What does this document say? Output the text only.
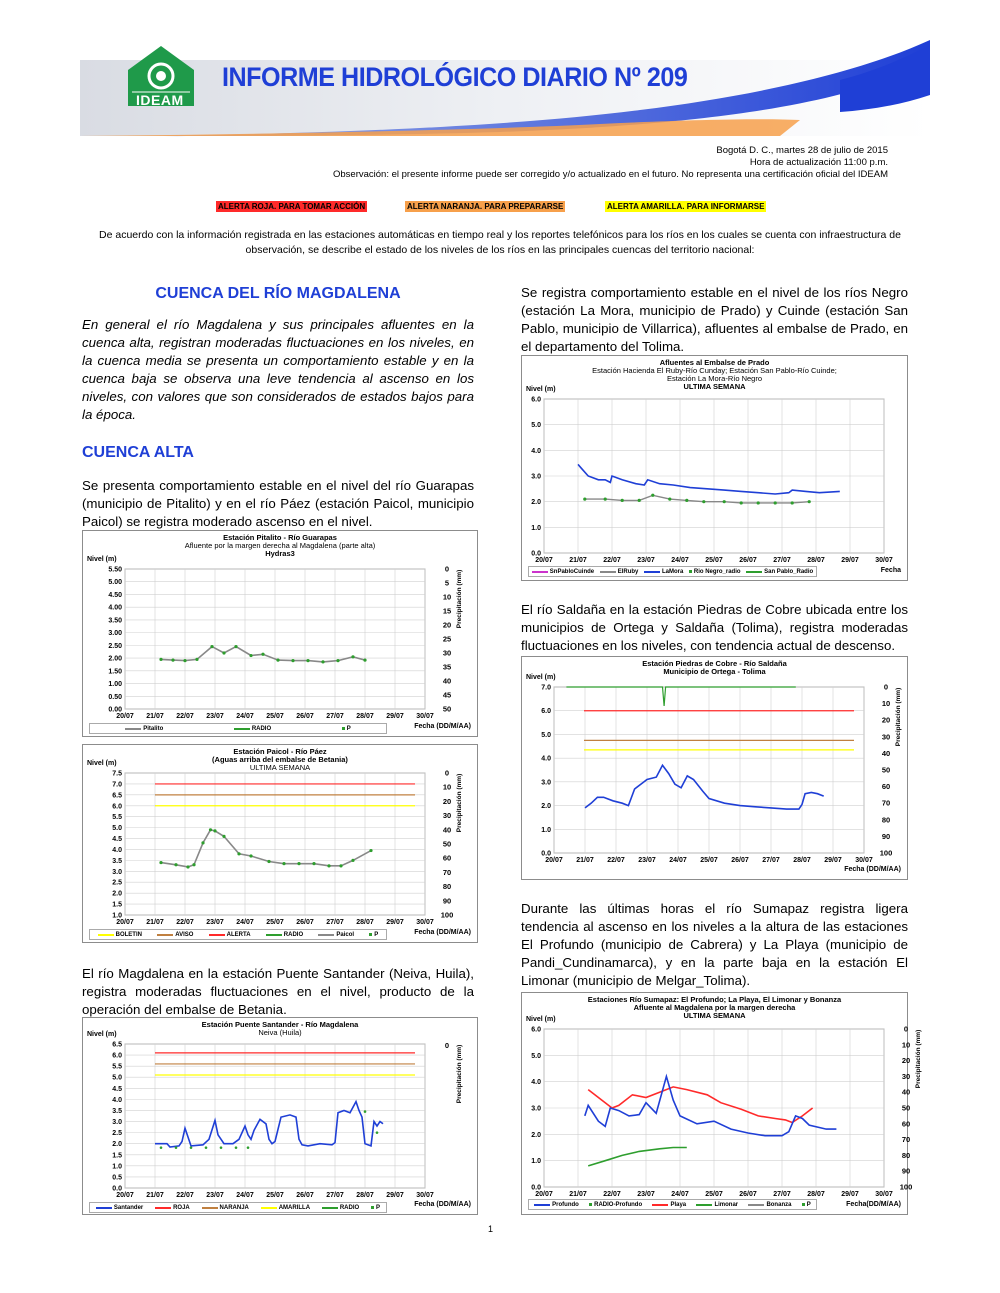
IDEAM
INFORME HIDROLÓGICO DIARIO Nº 209
Bogotá D. C., martes 28 de julio de 2015
Hora de actualización 11:00 p.m.
Observación: el presente informe puede ser corregido y/o actualizado en el futuro. No representa una certificación oficial del IDEAM
ALERTA ROJA. PARA TOMAR ACCIÓN	ALERTA NARANJA. PARA PREPARARSE	ALERTA AMARILLA. PARA INFORMARSE
De acuerdo con la información registrada en las estaciones automáticas en tiempo real y los reportes telefónicos para los ríos en los cuales se cuenta con infraestructura de observación, se describe el estado de los niveles de los ríos en las principales cuencas del territorio nacional:
CUENCA DEL RÍO MAGDALENA
En general el río Magdalena y sus principales afluentes en la cuenca alta, registran moderadas fluctuaciones en los niveles, en la cuenca media se presenta un comportamiento estable y en la cuenca baja se observa una leve tendencia al ascenso en los niveles, con valores que son considerados de estados bajos para la época.
CUENCA ALTA
Se presenta comportamiento estable en el nivel del río Guarapas (municipio de Pitalito) y en el río Páez (estación Paicol, municipio Paicol) se registra moderado ascenso en el nivel.
Estación Pitalito - Río Guarapas
Afluente por la margen derecha al Magdalena (parte alta)
Hydras3
0.00
0.50
1.00
1.50
2.00
2.50
3.00
3.50
4.00
4.50
5.00
5.50
20/07 21/07 22/07 23/07 24/07 25/07 26/07 27/07 28/07 29/07 30/07
0
5
10
15
20
25
30
35
40
45
50
Nivel (m)
Precipitación (mm)
Fecha (DD/M/AA)
Pitalito	RADIO	P
Estación Paicol - Río Páez
(Aguas arriba del embalse de Betania)
ULTIMA SEMANA
1.0
1.5
2.0
2.5
3.0
3.5
4.0
4.5
5.0
5.5
6.0
6.5
7.0
7.5
20/07 21/07 22/07 23/07 24/07 25/07 26/07 27/07 28/07 29/07 30/07
0
10
20
30
40
50
60
70
80
90
100
Nivel (m)
Precipitación (mm)
Fecha (DD/M/AA)
BOLETIN	AVISO	ALERTA	RADIO	Paicol	P
El río Magdalena en la estación Puente Santander (Neiva, Huila), registra moderadas fluctuaciones en el nivel, producto de la operación del embalse de Betania.
Estación Puente Santander - Río Magdalena
Neiva (Huila)
0.0
0.5
1.0
1.5
2.0
2.5
3.0
3.5
4.0
4.5
5.0
5.5
6.0
6.5
20/07 21/07 22/07 23/07 24/07 25/07 26/07 27/07 28/07 29/07 30/07
0
Nivel (m)
Precipitación (mm)
Fecha (DD/M/AA)
Santander	ROJA	NARANJA	AMARILLA	RADIO	P
Se registra comportamiento estable en el nivel de los ríos Negro (estación La Mora, municipio de Prado) y Cuinde (estación San Pablo, municipio de Villarrica), afluentes al embalse de Prado, en el departamento del Tolima.
Afluentes al Embalse de Prado
Estación Hacienda El Ruby-Río Cunday; Estación San Pablo-Río Cuinde;
Estación La Mora-Río Negro
ULTIMA SEMANA
0.0
1.0
2.0
3.0
4.0
5.0
6.0
20/07 21/07 22/07 23/07 24/07 25/07 26/07 27/07 28/07 29/07 30/07
Nivel (m)
Fecha
SnPabloCuinde	ElRuby	LaMora Rio Negro_radio	San Pablo_Radio
El río Saldaña en la estación Piedras de Cobre ubicada entre los municipios de Ortega y Saldaña (Tolima), registra moderadas fluctuaciones en los niveles, con tendencia actual de descenso.
Estación Piedras de Cobre - Río Saldaña
Municipio de Ortega - Tolima
0.0
1.0
2.0
3.0
4.0
5.0
6.0
7.0
20/07 21/07 22/07 23/07 24/07 25/07 26/07 27/07 28/07 29/07 30/07
0
10
20
30
40
50
60
70
80
90
100
Nivel (m)
Precipitación (mm)
Fecha (DD/M/AA)
Durante las últimas horas el río Sumapaz registra ligera tendencia al ascenso en los niveles a la altura de las estaciones El Profundo (municipio de Cabrera) y La Playa (municipio de Pandi_Cundinamarca), y en la parte baja en la estación El Limonar (municipio de Melgar_Tolima).
Estaciones Río Sumapaz: El Profundo; La Playa, El Limonar y Bonanza
Afluente al Magdalena por la margen derecha
ULTIMA SEMANA
0.0
1.0
2.0
3.0
4.0
5.0
6.0
20/07 21/07 22/07 23/07 24/07 25/07 26/07 27/07 28/07 29/07 30/07
0
10
20
30
40
50
60
70
80
90
100
Nivel (m)
Precipitación (mm)
Fecha(DD/M/AA)
Profundo	RADIO-Profundo	Playa	Limonar	Bonanza	P
1
